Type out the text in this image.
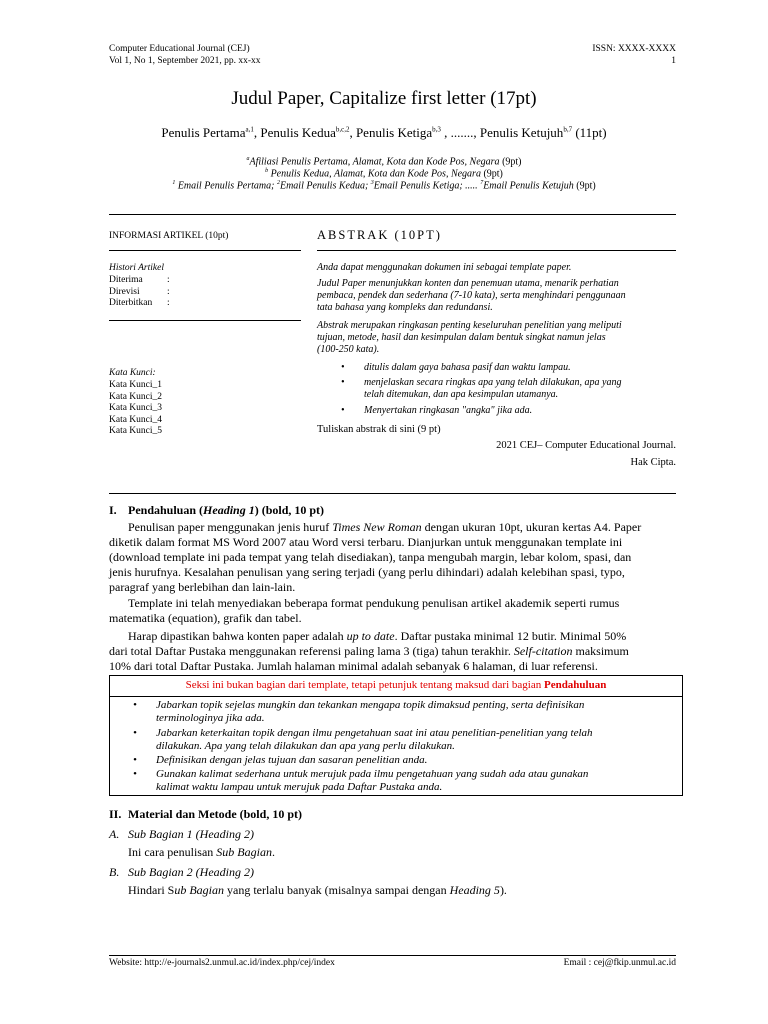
Computer Educational Journal (CEJ)
Vol 1, No 1, September 2021, pp. xx-xx
ISSN: XXXX-XXXX
1
Judul Paper, Capitalize first letter (17pt)
Penulis Pertama$^{a,1}$, Penulis Kedua$^{b,c,2}$, Penulis Ketiga$^{b,3}$ , ......., Penulis Ketujuh$^{b,7}$ (11pt)
$^a$Afiliasi Penulis Pertama, Alamat, Kota dan Kode Pos, Negara (9pt)
$^b$ Penulis Kedua, Alamat, Kota dan Kode Pos, Negara (9pt)
$^1$ Email Penulis Pertama; $^2$Email Penulis Kedua; $^3$Email Penulis Ketiga; ..... $^7$Email Penulis Ketujuh (9pt)
INFORMASI ARTIKEL (10pt)
Histori Artikel
Diterima	:
Direvisi	:
Diterbitkan :
Kata Kunci:
Kata Kunci_1
Kata Kunci_2
Kata Kunci_3
Kata Kunci_4
Kata Kunci_5
ABSTRAK (10PT)
Anda dapat menggunakan dokumen ini sebagai template paper.
Judul Paper menunjukkan konten dan penemuan utama, menarik perhatian
pembaca, pendek dan sederhana (7-10 kata), serta menghindari penggunaan
tata bahasa yang kompleks dan redundansi.
Abstrak merupakan ringkasan penting keseluruhan penelitian yang meliputi
tujuan, metode, hasil dan kesimpulan dalam bentuk singkat namun jelas
(100-250 kata).
• ditulis dalam gaya bahasa pasif dan waktu lampau.
• menjelaskan secara ringkas apa yang telah dilakukan, apa yang
telah ditemukan, dan apa kesimpulan utamanya.
• Menyertakan ringkasan "angka" jika ada.
Tuliskan abstrak di sini (9 pt)
2021 CEJ– Computer Educational Journal.
Hak Cipta.
I. Pendahuluan (Heading 1) (bold, 10 pt)
Penulisan paper menggunakan jenis huruf Times New Roman dengan ukuran 10pt, ukuran kertas A4. Paper
diketik dalam format MS Word 2007 atau Word versi terbaru. Dianjurkan untuk menggunakan template ini
(download template ini pada tempat yang telah disediakan), tanpa mengubah margin, lebar kolom, spasi, dan
jenis hurufnya. Kesalahan penulisan yang sering terjadi (yang perlu dihindari) adalah kelebihan spasi, typo,
paragraf yang berlebihan dan lain-lain.
Template ini telah menyediakan beberapa format pendukung penulisan artikel akademik seperti rumus
matematika (equation), grafik dan tabel.
Harap dipastikan bahwa konten paper adalah up to date. Daftar pustaka minimal 12 butir. Minimal 50%
dari total Daftar Pustaka menggunakan referensi paling lama 3 (tiga) tahun terakhir. Self-citation maksimum
10% dari total Daftar Pustaka. Jumlah halaman minimal adalah sebanyak 6 halaman, di luar referensi.
Seksi ini bukan bagian dari template, tetapi petunjuk tentang maksud dari bagian Pendahuluan
• Jabarkan topik sejelas mungkin dan tekankan mengapa topik dimaksud penting, serta definisikan
terminologinya jika ada.
• Jabarkan keterkaitan topik dengan ilmu pengetahuan saat ini atau penelitian-penelitian yang telah
dilakukan. Apa yang telah dilakukan dan apa yang perlu dilakukan.
• Definisikan dengan jelas tujuan dan sasaran penelitian anda.
• Gunakan kalimat sederhana untuk merujuk pada ilmu pengetahuan yang sudah ada atau gunakan
kalimat waktu lampau untuk merujuk pada Daftar Pustaka anda.
II. Material dan Metode (bold, 10 pt)
A. Sub Bagian 1 (Heading 2)
Ini cara penulisan Sub Bagian.
B. Sub Bagian 2 (Heading 2)
Hindari Sub Bagian yang terlalu banyak (misalnya sampai dengan Heading 5).
Website: http://e-journals2.unmul.ac.id/index.php/cej/index	Email : cej@fkip.unmul.ac.id
